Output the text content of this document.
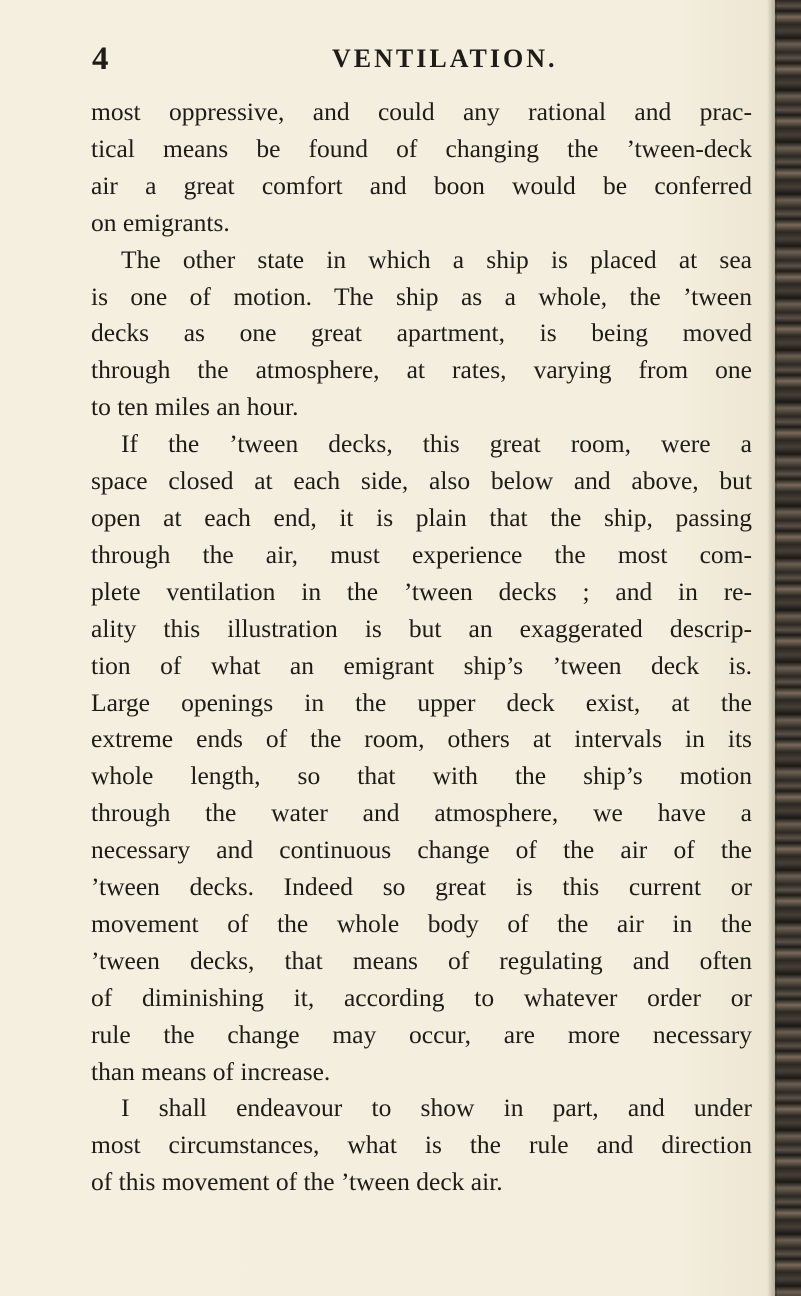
4	VENTILATION.

most oppressive, and could any rational and prac-
tical means be found of changing the ’tween-deck
air a great comfort and boon would be conferred
on emigrants.

The other state in which a ship is placed at sea
is one of motion. The ship as a whole, the ’tween
decks as one great apartment, is being moved
through the atmosphere, at rates, varying from one
to ten miles an hour.

If the ’tween decks, this great room, were a
space closed at each side, also below and above, but
open at each end, it is plain that the ship, passing
through the air, must experience the most com-
plete ventilation in the ’tween decks ; and in re-
ality this illustration is but an exaggerated descrip-
tion of what an emigrant ship’s ’tween deck is.
Large openings in the upper deck exist, at the
extreme ends of the room, others at intervals in its
whole length, so that with the ship’s motion
through the water and atmosphere, we have a
necessary and continuous change of the air of the
’tween decks. Indeed so great is this current or
movement of the whole body of the air in the
’tween decks, that means of regulating and often
of diminishing it, according to whatever order or
rule the change may occur, are more necessary
than means of increase.

I shall endeavour to show in part, and under
most circumstances, what is the rule and direction
of this movement of the ’tween deck air.
